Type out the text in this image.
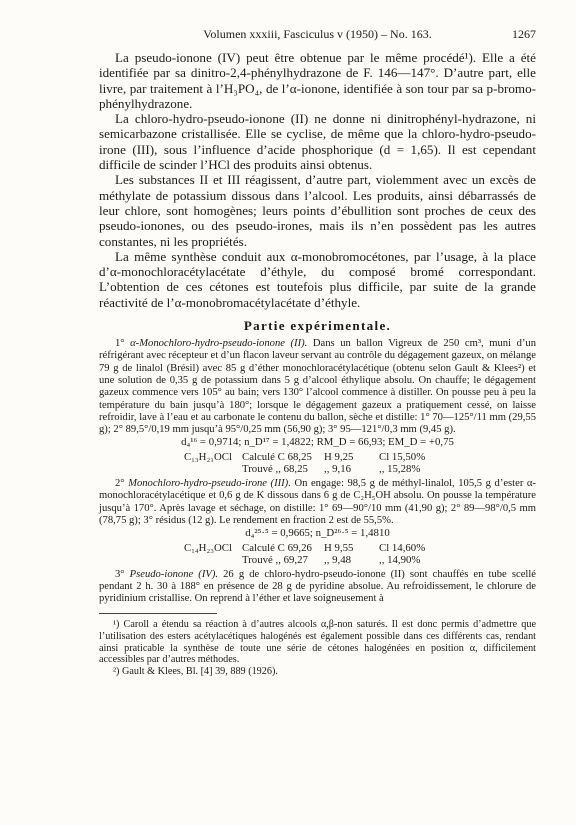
Volumen xxxiii, Fasciculus v (1950) – No. 163.	1267

La pseudo-ionone (IV) peut être obtenue par le même procédé¹). Elle a été identifiée par sa dinitro-2,4-phénylhydrazone de F. 146—147°. D’autre part, elle livre, par traitement à l’H₃PO₄, de l’α-ionone, identifiée à son tour par sa p-bromo-phénylhydrazone.

La chloro-hydro-pseudo-ionone (II) ne donne ni dinitrophényl-hydrazone, ni semicarbazone cristallisée. Elle se cyclise, de même que la chloro-hydro-pseudo-irone (III), sous l’influence d’acide phosphorique (d = 1,65). Il est cependant difficile de scinder l’HCl des produits ainsi obtenus.

Les substances II et III réagissent, d’autre part, violemment avec un excès de méthylate de potassium dissous dans l’alcool. Les produits, ainsi débarrassés de leur chlore, sont homogènes; leurs points d’ébullition sont proches de ceux des pseudo-ionones, ou des pseudo-irones, mais ils n’en possèdent pas les autres constantes, ni les propriétés.

La même synthèse conduit aux α-monobromocétones, par l’usage, à la place d’α-monochloracétylacétate d’éthyle, du composé bromé correspondant. L’obtention de ces cétones est toutefois plus difficile, par suite de la grande réactivité de l’α-monobromacétylacétate d’éthyle.

Partie expérimentale.

1° α-Monochloro-hydro-pseudo-ionone (II). Dans un ballon Vigreux de 250 cm³, muni d’un réfrigérant avec récepteur et d’un flacon laveur servant au contrôle du dégagement gazeux, on mélange 79 g de linalol (Brésil) avec 85 g d’éther monochloracétylacétique (obtenu selon Gault & Klees²) et une solution de 0,35 g de potassium dans 5 g d’alcool éthylique absolu. On chauffe; le dégagement gazeux commence vers 105° au bain; vers 130° l’alcool commence à distiller. On pousse peu à peu la température du bain jusqu’à 180°; lorsque le dégagement gazeux a pratiquement cessé, on laisse refroidir, lave à l’eau et au carbonate le contenu du ballon, sèche et distille: 1° 70—125°/11 mm (29,55 g); 2° 89,5°/0,19 mm jusqu’à 95°/0,25 mm (56,90 g); 3° 95—121°/0,3 mm (9,45 g).

d₄¹⁶ = 0,9714; n_D¹⁷ = 1,4822; RM_D = 66,93; EM_D = +0,75
C₁₃H₂₁OCl Calculé C 68,25	H 9,25	Cl 15,50%
Trouvé ,, 68,25	,, 9,16	,, 15,28%

2° Monochloro-hydro-pseudo-irone (III). On engage: 98,5 g de méthyl-linalol, 105,5 g d’ester α-monochloracétylacétique et 0,6 g de K dissous dans 6 g de C₂H₅OH absolu. On pousse la température jusqu’à 170°. Après lavage et séchage, on distille: 1° 69—90°/10 mm (41,90 g); 2° 89—98°/0,5 mm (78,75 g); 3° résidus (12 g). Le rendement en fraction 2 est de 55,5%.

d₄²⁵·⁵ = 0,9665; n_D²⁶·⁵ = 1,4810
C₁₄H₂₃OCl Calculé C 69,26	H 9,55	Cl 14,60%
Trouvé ,, 69,27	,, 9,48	,, 14,90%

3° Pseudo-ionone (IV). 26 g de chloro-hydro-pseudo-ionone (II) sont chauffés en tube scellé pendant 2 h. 30 à 188° en présence de 28 g de pyridine absolue. Au refroidissement, le chlorure de pyridinium cristallise. On reprend à l’éther et lave soigneusement à

¹) Caroll a étendu sa réaction à d’autres alcools α,β-non saturés. Il est donc permis d’admettre que l’utilisation des esters acétylacétiques halogénés est également possible dans ces différents cas, rendant ainsi praticable la synthèse de toute une série de cétones halogénées en position α, difficilement accessibles par d’autres méthodes.

²) Gault & Klees, Bl. [4] 39, 889 (1926).
